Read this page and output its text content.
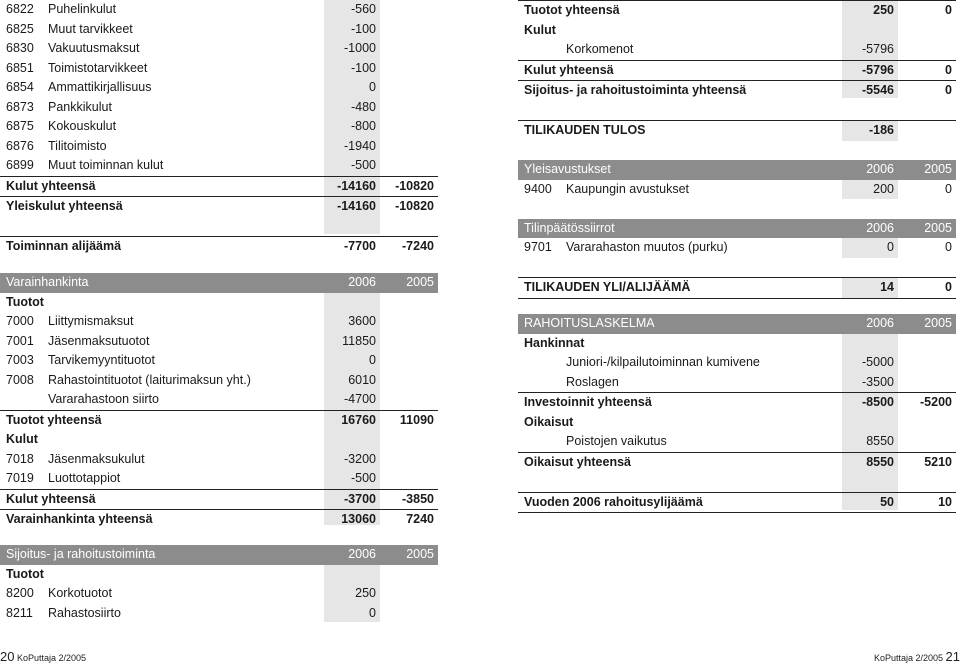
6822 Puhelinkulut	-560
6825 Muut tarvikkeet	-100
6830 Vakuutusmaksut	-1000
6851 Toimistotarvikkeet	-100
6854 Ammattikirjallisuus	0
6873 Pankkikulut	-480
6875 Kokouskulut	-800
6876 Tilitoimisto	-1940
6899 Muut toiminnan kulut	-500
Kulut yhteensä	-14160	-10820
Yleiskulut yhteensä	-14160	-10820
Toiminnan alijäämä	-7700	-7240
Varainhankinta	2006	2005
Tuotot
7000 Liittymismaksut	3600
7001 Jäsenmaksutuotot	11850
7003 Tarvikemyyntituotot	0
7008 Rahastointituotot (laiturimaksun yht.)	6010
Vararahastoon siirto	-4700
Tuotot yhteensä	16760	11090
Kulut
7018 Jäsenmaksukulut	-3200
7019 Luottotappiot	-500
Kulut yhteensä	-3700	-3850
Varainhankinta yhteensä	13060	7240
Sijoitus- ja rahoitustoiminta	2006	2005
Tuotot
8200 Korkotuotot	250
8211 Rahastosiirto	0
Tuotot yhteensä	250	0
Kulut
Korkomenot	-5796
Kulut yhteensä	-5796	0
Sijoitus- ja rahoitustoiminta yhteensä	-5546	0
TILIKAUDEN TULOS	-186
Yleisavustukset	2006	2005
9400 Kaupungin avustukset	200	0
Tilinpäätössiirrot	2006	2005
9701 Vararahaston muutos (purku)	0	0
TILIKAUDEN YLI/ALIJÄÄMÄ	14	0
RAHOITUSLASKELMA	2006	2005
Hankinnat
Juniori-/kilpailutoiminnan kumivene	-5000
Roslagen	-3500
Investoinnit yhteensä	-8500	-5200
Oikaisut
Poistojen vaikutus	8550
Oikaisut yhteensä	8550	5210
Vuoden 2006 rahoitusylijäämä	50	10
20 KoPuttaja 2/2005	KoPuttaja 2/2005 21
